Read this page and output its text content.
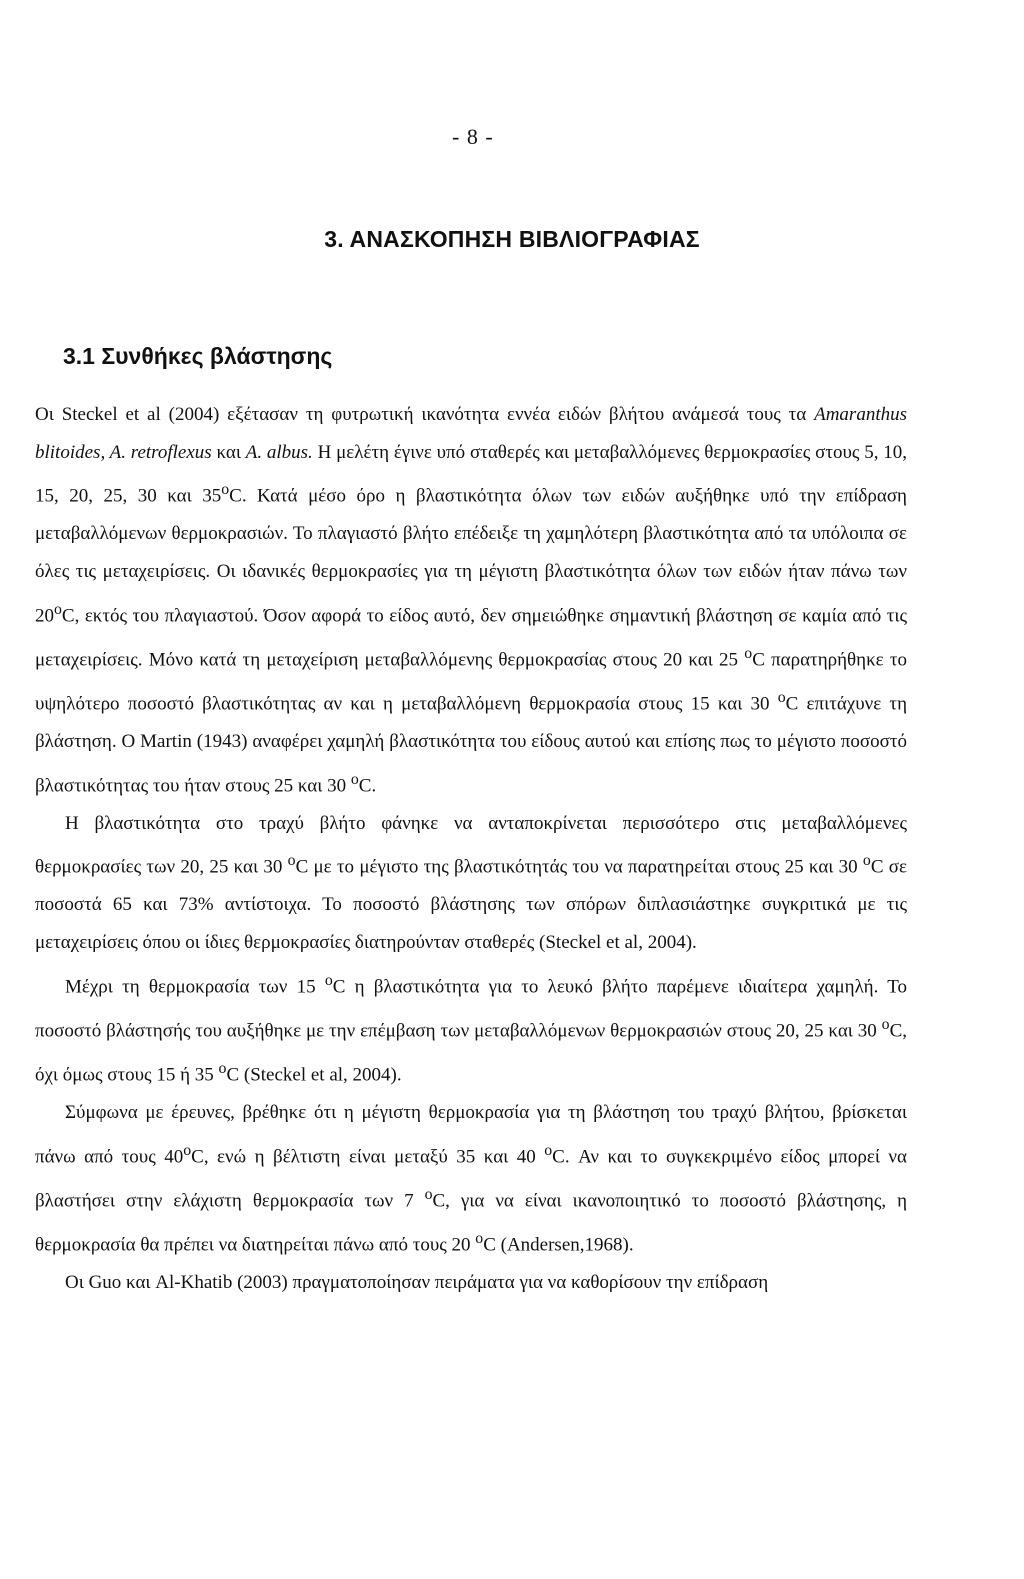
- 8 -
3. ΑΝΑΣΚΟΠΗΣΗ ΒΙΒΛΙΟΓΡΑΦΙΑΣ
3.1 Συνθήκες βλάστησης

Οι Steckel et al (2004) εξέτασαν τη φυτρωτική ικανότητα εννέα ειδών βλήτου ανάμεσά τους τα Amaranthus blitoides, A. retroflexus και A. albus. Η μελέτη έγινε υπό σταθερές και μεταβαλλόμενες θερμοκρασίες στους 5, 10, 15, 20, 25, 30 και 35$^o$C. Κατά μέσο όρο η βλαστικότητα όλων των ειδών αυξήθηκε υπό την επίδραση μεταβαλλόμενων θερμοκρασιών. Το πλαγιαστό βλήτο επέδειξε τη χαμηλότερη βλαστικότητα από τα υπόλοιπα σε όλες τις μεταχειρίσεις. Οι ιδανικές θερμοκρασίες για τη μέγιστη βλαστικότητα όλων των ειδών ήταν πάνω των 20$^o$C, εκτός του πλαγιαστού. Όσον αφορά το είδος αυτό, δεν σημειώθηκε σημαντική βλάστηση σε καμία από τις μεταχειρίσεις. Μόνο κατά τη μεταχείριση μεταβαλλόμενης θερμοκρασίας στους 20 και 25 $^o$C παρατηρήθηκε το υψηλότερο ποσοστό βλαστικότητας αν και η μεταβαλλόμενη θερμοκρασία στους 15 και 30 $^o$C επιτάχυνε τη βλάστηση. Ο Martin (1943) αναφέρει χαμηλή βλαστικότητα του είδους αυτού και επίσης πως το μέγιστο ποσοστό βλαστικότητας του ήταν στους 25 και 30 $^o$C.

Η βλαστικότητα στο τραχύ βλήτο φάνηκε να ανταποκρίνεται περισσότερο στις μεταβαλλόμενες θερμοκρασίες των 20, 25 και 30 $^o$C με το μέγιστο της βλαστικότητάς του να παρατηρείται στους 25 και 30 $^o$C σε ποσοστά 65 και 73% αντίστοιχα. Το ποσοστό βλάστησης των σπόρων διπλασιάστηκε συγκριτικά με τις μεταχειρίσεις όπου οι ίδιες θερμοκρασίες διατηρούνταν σταθερές (Steckel et al, 2004).

Μέχρι τη θερμοκρασία των 15 $^o$C η βλαστικότητα για το λευκό βλήτο παρέμενε ιδιαίτερα χαμηλή. Το ποσοστό βλάστησής του αυξήθηκε με την επέμβαση των μεταβαλλόμενων θερμοκρασιών στους 20, 25 και 30 $^o$C, όχι όμως στους 15 ή 35 $^o$C (Steckel et al, 2004).

Σύμφωνα με έρευνες, βρέθηκε ότι η μέγιστη θερμοκρασία για τη βλάστηση του τραχύ βλήτου, βρίσκεται πάνω από τους 40$^o$C, ενώ η βέλτιστη είναι μεταξύ 35 και 40 $^o$C. Αν και το συγκεκριμένο είδος μπορεί να βλαστήσει στην ελάχιστη θερμοκρασία των 7 $^o$C, για να είναι ικανοποιητικό το ποσοστό βλάστησης, η θερμοκρασία θα πρέπει να διατηρείται πάνω από τους 20 $^o$C (Andersen,1968).

Οι Guo και Al-Khatib (2003) πραγματοποίησαν πειράματα για να καθορίσουν την επίδραση
